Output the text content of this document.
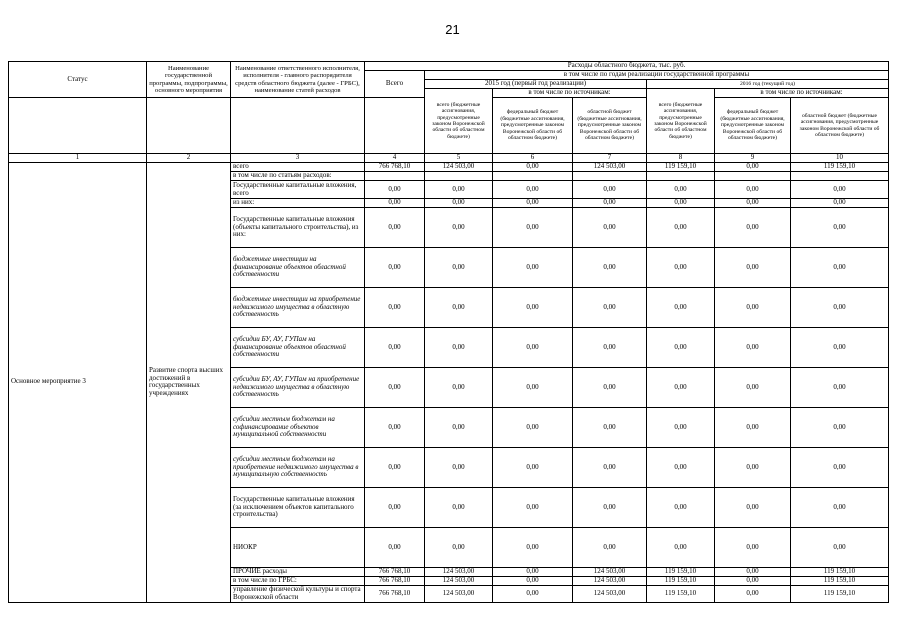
21
Статус	Наименование государственной программы, подпрограммы, основного мероприятия	Наименование ответственного исполнителя, исполнителя - главного распорядителя средств областного бюджета (далее - ГРБС), наименование статей расходов	Расходы областного бюджета, тыс. руб.						
			Всего	в том числе по годам реализации государственной программы					
				2015 год (первый год реализации)			2016 год (текущий год)		
				всего (бюджетные ассигнования, предусмотренные законом Воронежской области об областном бюджете)	в том числе по источникам:		всего (бюджетные ассигнования, предусмотренные законом Воронежской области об областном бюджете)	в том числе по источникам:	
					федеральный бюджет (бюджетные ассигнования, предусмотренные законом Воронежской области об областном бюджете)	областной бюджет (бюджетные ассигнования, предусмотренные законом Воронежской области об областном бюджете)		федеральный бюджет (бюджетные ассигнования, предусмотренные законом Воронежской области об областном бюджете)	областной бюджет (бюджетные ассигнования, предусмотренные законом Воронежской области об областном бюджете)
1	2	3	4	5	6	7	8	9	10
Основное мероприятие 3	Развитие спорта высших достижений в государственных учреждениях	всего	766 768,10	124 503,00	0,00	124 503,00	119 159,10	0,00	119 159,10
		в том числе по статьям расходов:							
		Государственные капитальные вложения, всего	0,00	0,00	0,00	0,00	0,00	0,00	0,00
		из них:	0,00	0,00	0,00	0,00	0,00	0,00	0,00
		Государственные капитальные вложения (объекты капитального строительства), из них:	0,00	0,00	0,00	0,00	0,00	0,00	0,00
		бюджетные инвестиции на финансирование объектов областной собственности	0,00	0,00	0,00	0,00	0,00	0,00	0,00
		бюджетные инвестиции на приобретение недвижимого имущества в областную собственность	0,00	0,00	0,00	0,00	0,00	0,00	0,00
		субсидии БУ, АУ, ГУПам на финансирование объектов областной собственности	0,00	0,00	0,00	0,00	0,00	0,00	0,00
		субсидии БУ, АУ, ГУПам на приобретение недвижимого имущества в областную собственность	0,00	0,00	0,00	0,00	0,00	0,00	0,00
		субсидии местным бюджетам на софинансирование объектов муниципальной собственности	0,00	0,00	0,00	0,00	0,00	0,00	0,00
		субсидии местным бюджетам на приобретение недвижимого имущества в муниципальную собственность	0,00	0,00	0,00	0,00	0,00	0,00	0,00
		Государственные капитальные вложения (за исключением объектов капитального строительства)	0,00	0,00	0,00	0,00	0,00	0,00	0,00
		НИОКР	0,00	0,00	0,00	0,00	0,00	0,00	0,00
		ПРОЧИЕ расходы	766 768,10	124 503,00	0,00	124 503,00	119 159,10	0,00	119 159,10
		в том числе по ГРБС:	766 768,10	124 503,00	0,00	124 503,00	119 159,10	0,00	119 159,10
		управление физической культуры и спорта Воронежской области	766 768,10	124 503,00	0,00	124 503,00	119 159,10	0,00	119 159,10
